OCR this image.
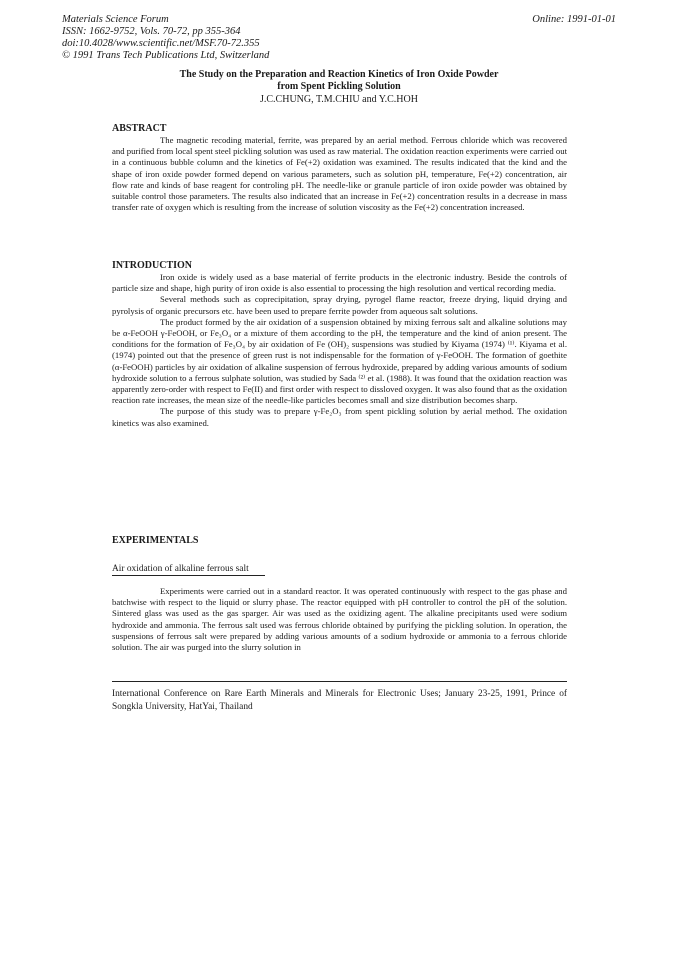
Materials Science Forum
ISSN: 1662-9752, Vols. 70-72, pp 355-364
doi:10.4028/www.scientific.net/MSF.70-72.355
© 1991 Trans Tech Publications Ltd, Switzerland
Online: 1991-01-01
The Study on the Preparation and Reaction Kinetics of Iron Oxide Powder
from Spent Pickling Solution
J.C.CHUNG, T.M.CHIU and Y.C.HOH
ABSTRACT

The magnetic recoding material, ferrite, was prepared by an aerial method. Ferrous chloride which was recovered and purified from local spent steel pickling solution was used as raw material. The oxidation reaction experiments were carried out in a continuous bubble column and the kinetics of Fe(+2) oxidation was examined. The results indicated that the kind and the shape of iron oxide powder formed depend on various parameters, such as solution pH, temperature, Fe(+2) concentration, air flow rate and kinds of base reagent for controling pH. The needle-like or granule particle of iron oxide powder was obtained by suitable control those parameters. The results also indicated that an increase in Fe(+2) concentration results in a decrease in mass transfer rate of oxygen which is resulting from the increase of solution viscosity as the Fe(+2) concentration increased.

INTRODUCTION

Iron oxide is widely used as a base material of ferrite products in the electronic industry. Beside the controls of particle size and shape, high purity of iron oxide is also essential to processing the high resolution and vertical recording media.

Several methods such as coprecipitation, spray drying, pyrogel flame reactor, freeze drying, liquid drying and pyrolysis of organic precursors etc. have been used to prepare ferrite powder from aqueous salt solutions.

The product formed by the air oxidation of a suspension obtained by mixing ferrous salt and alkaline solutions may be α-FeOOH γ-FeOOH, or Fe₃O₄ or a mixture of them according to the pH, the temperature and the kind of anion present. The conditions for the formation of Fe₃O₄ by air oxidation of Fe (OH)₂ suspensions was studied by Kiyama (1974) ⁽¹⁾. Kiyama et al.(1974) pointed out that the presence of green rust is not indispensable for the formation of γ-FeOOH. The formation of goethite (α-FeOOH) particles by air oxidation of alkaline suspension of ferrous hydroxide, prepared by adding various amounts of sodium hydroxide solution to a ferrous sulphate solution, was studied by Sada ⁽²⁾ et al. (1988). It was found that the oxidation reaction was apparently zero-order with respect to Fe(II) and first order with respect to dissloved oxygen. It was also found that as the oxidation reaction rate increases, the mean size of the needle-like particles becomes small and size distribution becomes sharp.

The purpose of this study was to prepare γ-Fe₂O₃ from spent pickling solution by aerial method. The oxidation kinetics was also examined.

EXPERIMENTALS
Air oxidation of alkaline ferrous salt

Experiments were carried out in a standard reactor. It was operated continuously with respect to the gas phase and batchwise with respect to the liquid or slurry phase. The reactor equipped with pH controller to control the pH of the solution. Sintered glass was used as the gas sparger. Air was used as the oxidizing agent. The alkaline precipitants used were sodium hydroxide and ammonia. The ferrous salt used was ferrous chloride obtained by purifying the pickling solution. In operation, the suspensions of ferrous salt were prepared by adding various amounts of a sodium hydroxide or ammonia to a ferrous chloride solution. The air was purged into the slurry solution in

International Conference on Rare Earth Minerals and Minerals for Electronic Uses; January 23-25, 1991, Prince of Songkla University, HatYai, Thailand
